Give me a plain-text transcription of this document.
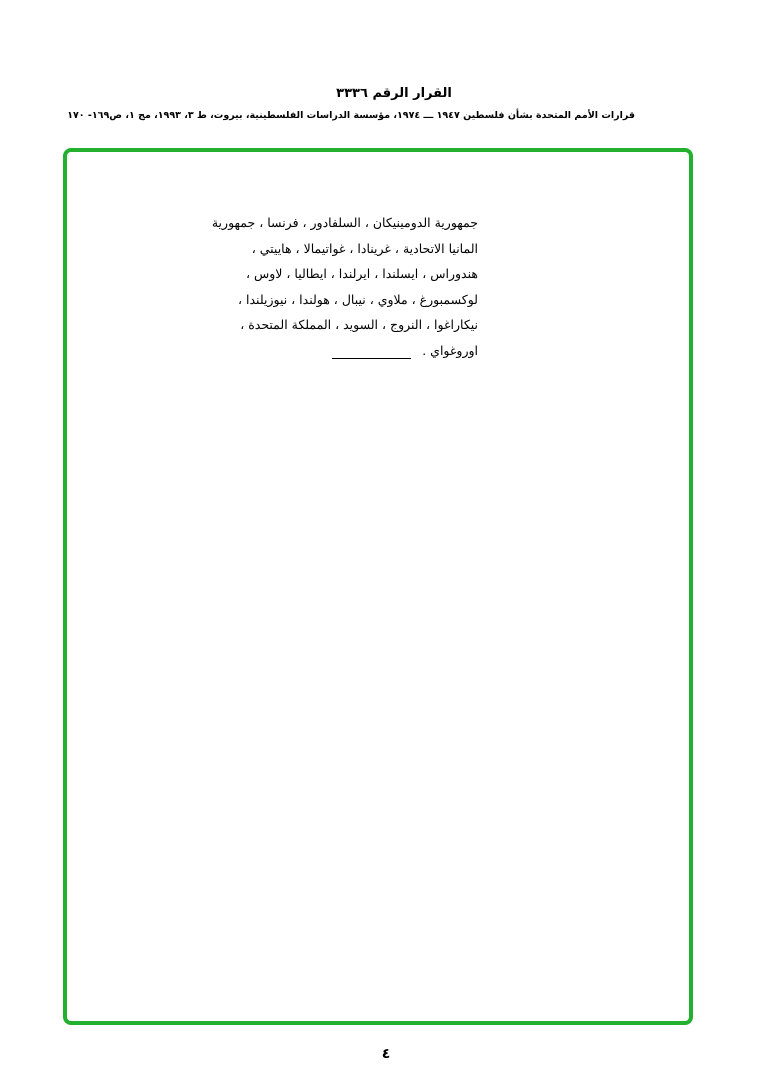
القرار الرقم ٣٣٣٦
قرارات الأمم المتحدة بشأن فلسطين ١٩٤٧ ـــ ١٩٧٤، مؤسسة الدراسات الفلسطينية، بيروت، ط ٣، ١٩٩٣، مج ١، ص١٦٩- ١٧٠
جمهورية الدومينيكان ، السلفادور ، فرنسا ، جمهورية
المانيا الاتحادية ، غرينادا ، غواتيمالا ، هاييتي ،
هندوراس ، ايسلندا ، ايرلندا ، ايطاليا ، لاوس ،
لوكسمبورغ ، ملاوي ، نيبال ، هولندا ، نيوزيلندا ،
نيكاراغوا ، النروج ، السويد ، المملكة المتحدة ،
اوروغواي .
٤
